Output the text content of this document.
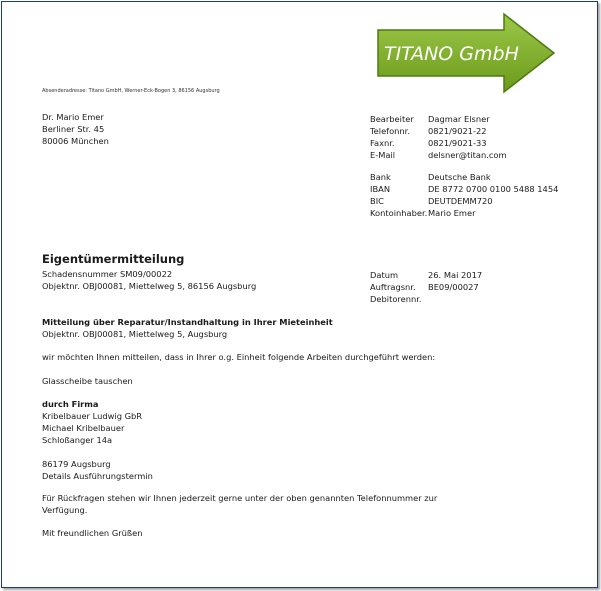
TITANO GmbH
Absenderadresse: Titano GmbH, Werner-Eck-Bogen 3, 86156 Augsburg
Dr. Mario Emer
Berliner Str. 45
80006 München
Bearbeiter	Dagmar Elsner
Telefonnr.	0821/9021-22
Faxnr.	0821/9021-33
E-Mail	delsner@titan.com
Bank	Deutsche Bank
IBAN	DE 8772 0700 0100 5488 1454
BIC	DEUTDEMM720
Kontoinhaber. Mario Emer
Eigentümermitteilung
Schadensnummer SM09/00022
Objektnr. OBJ00081, Miettelweg 5, 86156 Augsburg
Datum	26. Mai 2017
Auftragsnr.	BE09/00027
Debitorennr.
Mitteilung über Reparatur/Instandhaltung in Ihrer Mieteinheit
Objektnr. OBJ00081, Miettelweg 5, Augsburg
wir möchten Ihnen mitteilen, dass in Ihrer o.g. Einheit folgende Arbeiten durchgeführt werden:
Glasscheibe tauschen
durch Firma
Kribelbauer Ludwig GbR
Michael Kribelbauer
Schloßanger 14a
86179 Augsburg
Details Ausführungstermin
Für Rückfragen stehen wir Ihnen jederzeit gerne unter der oben genannten Telefonnummer zur
Verfügung.
Mit freundlichen Grüßen
